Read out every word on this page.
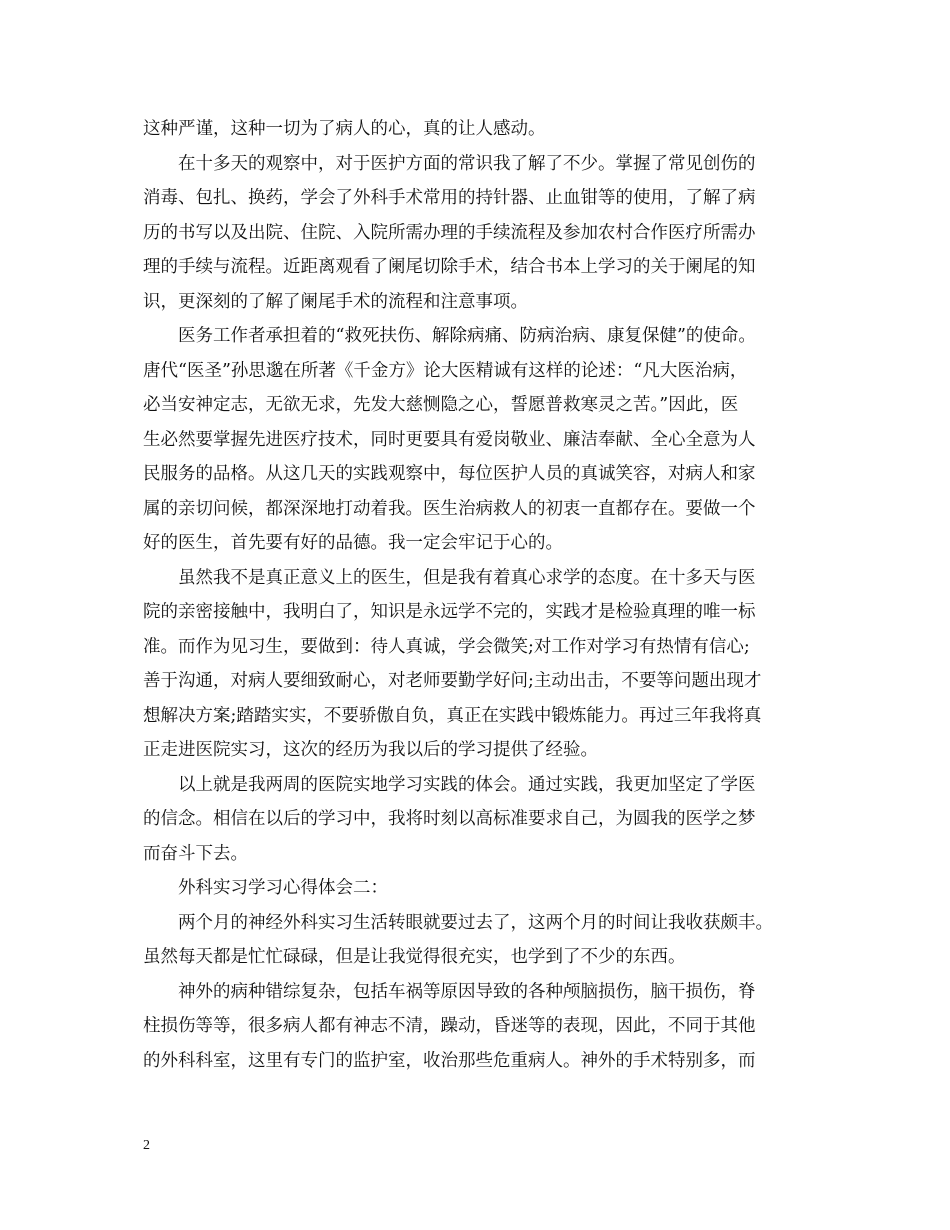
这种严谨，这种一切为了病人的心，真的让人感动。
在十多天的观察中，对于医护方面的常识我了解了不少。掌握了常见创伤的
消毒、包扎、换药，学会了外科手术常用的持针器、止血钳等的使用，了解了病
历的书写以及出院、住院、入院所需办理的手续流程及参加农村合作医疗所需办
理的手续与流程。近距离观看了阑尾切除手术，结合书本上学习的关于阑尾的知
识，更深刻的了解了阑尾手术的流程和注意事项。
医务工作者承担着的“救死扶伤、解除病痛、防病治病、康复保健”的使命。
唐代“医圣”孙思邈在所著《千金方》论大医精诚有这样的论述：“凡大医治病，
必当安神定志，无欲无求，先发大慈恻隐之心，誓愿普救寒灵之苦。”因此，医
生必然要掌握先进医疗技术，同时更要具有爱岗敬业、廉洁奉献、全心全意为人
民服务的品格。从这几天的实践观察中，每位医护人员的真诚笑容，对病人和家
属的亲切问候，都深深地打动着我。医生治病救人的初衷一直都存在。要做一个
好的医生，首先要有好的品德。我一定会牢记于心的。
虽然我不是真正意义上的医生，但是我有着真心求学的态度。在十多天与医
院的亲密接触中，我明白了，知识是永远学不完的，实践才是检验真理的唯一标
准。而作为见习生，要做到：待人真诚，学会微笑;对工作对学习有热情有信心;
善于沟通，对病人要细致耐心，对老师要勤学好问;主动出击，不要等问题出现才
想解决方案;踏踏实实，不要骄傲自负，真正在实践中锻炼能力。再过三年我将真
正走进医院实习，这次的经历为我以后的学习提供了经验。
以上就是我两周的医院实地学习实践的体会。通过实践，我更加坚定了学医
的信念。相信在以后的学习中，我将时刻以高标准要求自己，为圆我的医学之梦
而奋斗下去。
外科实习学习心得体会二：
两个月的神经外科实习生活转眼就要过去了，这两个月的时间让我收获颇丰。
虽然每天都是忙忙碌碌，但是让我觉得很充实，也学到了不少的东西。
神外的病种错综复杂，包括车祸等原因导致的各种颅脑损伤，脑干损伤，脊
柱损伤等等，很多病人都有神志不清，躁动，昏迷等的表现，因此，不同于其他
的外科科室，这里有专门的监护室，收治那些危重病人。神外的手术特别多，而
2
